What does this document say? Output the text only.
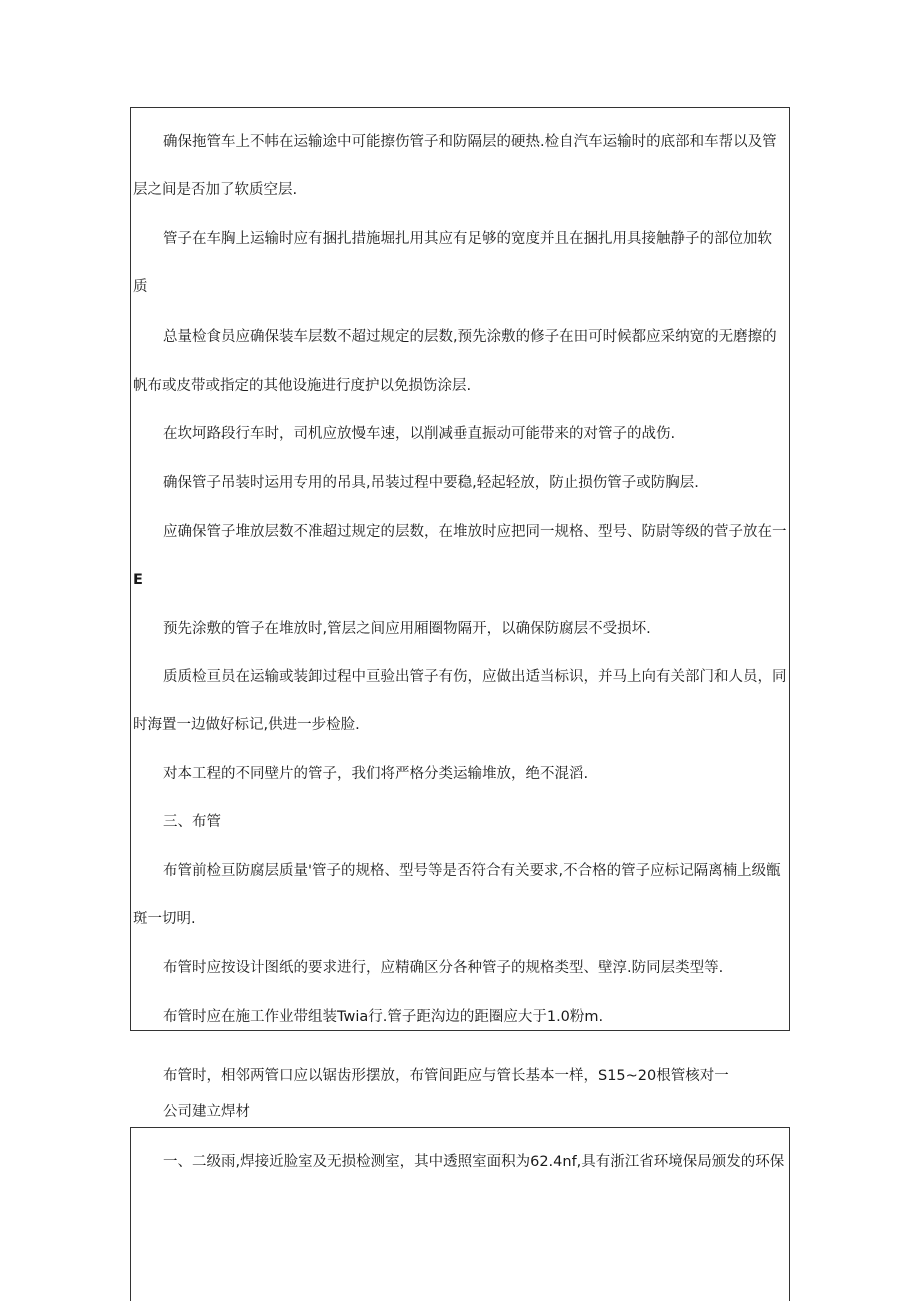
确保拖管车上不帏在运输途中可能擦伤管子和防隔层的硬热.检自汽车运输时的底部和车帮以及管
层之间是否加了软质空层.
管子在车胸上运输时应有捆扎措施堀扎用其应有足够的宽度并且在捆扎用具接触静子的部位加软
质
总量检食员应确保装车层数不超过规定的层数,预先涂敷的修子在田可时候都应采纳宽的无磨擦的
帆布或皮带或指定的其他设施进行度护以免损饬涂层.
在坎坷路段行车时，司机应放慢车速，以削减垂直振动可能带来的对管子的战伤.
确保管子吊装时运用专用的吊具,吊装过程中要稳,轻起轻放，防止损伤管子或防胸层.
应确保管子堆放层数不准超过规定的层数，在堆放时应把同一规格、型号、防尉等级的菅子放在一
E
预先涂敷的管子在堆放时,管层之间应用厢圈物隔开，以确保防腐层不受损坏.
质质检亘员在运输或装卸过程中亘验出管子有伤，应做出适当标识，并马上向有关部门和人员，同
时海置一边做好标记,供进一步检脸.
对本工程的不同壁片的管子，我们将严格分类运输堆放，绝不混滔.
三、布管
布管前检亘防腐层质量'管子的规格、型号等是否符合有关要求,不合格的管子应标记隔离楠上级甑
斑一切明.
布管时应按设计图纸的要求进行，应精确区分各种管子的规格类型、壁淳.防同层类型等.
布管时应在施工作业带组装Twia行.管子距沟边的距圈应大于1.0粉m.
布管时，相邻两管口应以锯齿形摆放，布管间距应与管长基本一样，S15~20根管核对一
公司建立焊材
一、二级雨,焊接近脸室及无损检测室，其中透照室面积为62.4nf,具有浙江省环境保局颁发的环保
